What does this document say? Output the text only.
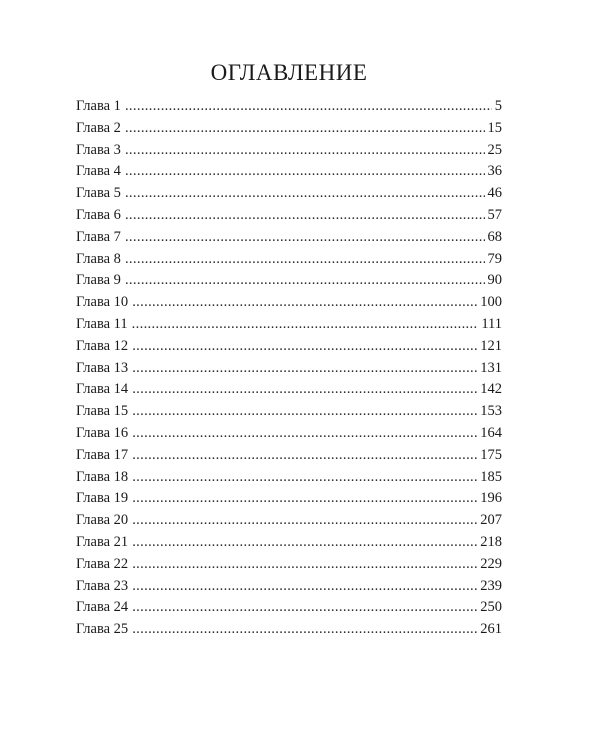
ОГЛАВЛЕНИЕ
Глава 1 .....	5
Глава 2 .....	15
Глава 3 .....	25
Глава 4 .....	36
Глава 5 .....	46
Глава 6 .....	57
Глава 7 .....	68
Глава 8 .....	79
Глава 9 .....	90
Глава 10 .....	100
Глава 11 .....	111
Глава 12 .....	121
Глава 13 .....	131
Глава 14 .....	142
Глава 15 .....	153
Глава 16 .....	164
Глава 17 .....	175
Глава 18 .....	185
Глава 19 .....	196
Глава 20 .....	207
Глава 21 .....	218
Глава 22 .....	229
Глава 23 .....	239
Глава 24 .....	250
Глава 25 .....	261
